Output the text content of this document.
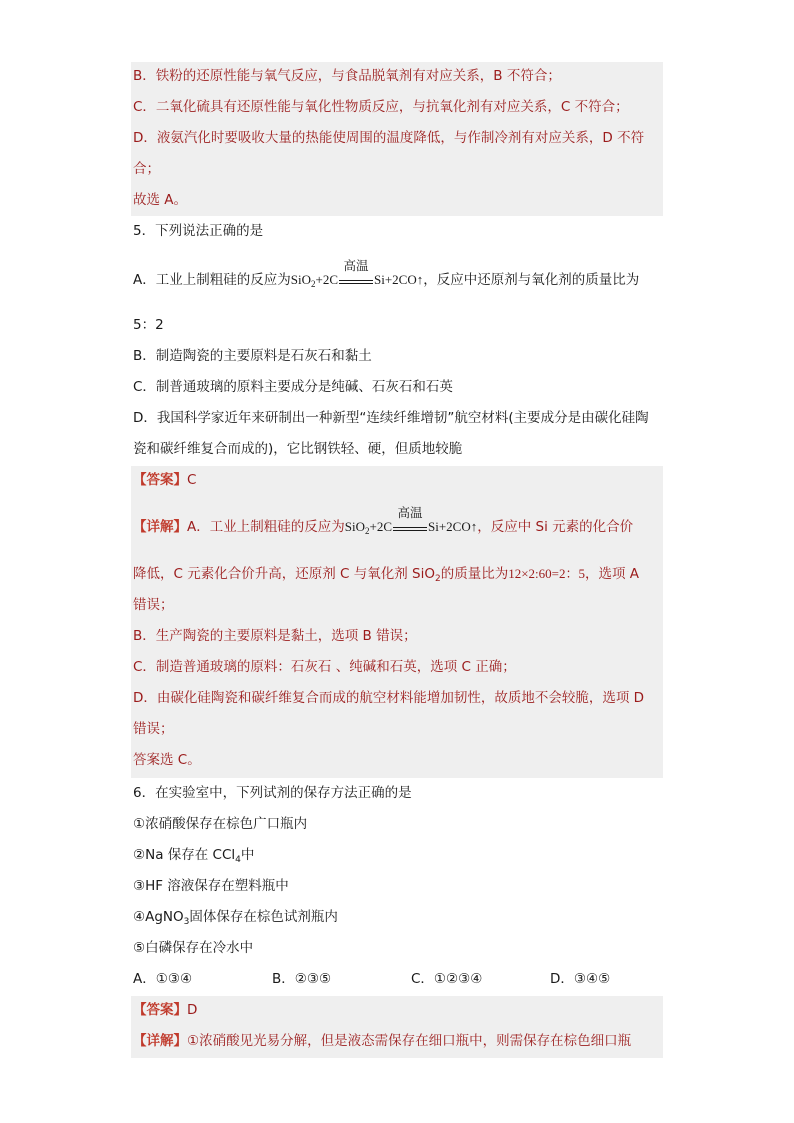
B．铁粉的还原性能与氧气反应，与食品脱氧剂有对应关系，B 不符合；
C．二氧化硫具有还原性能与氧化性物质反应，与抗氧化剂有对应关系，C 不符合；
D．液氨汽化时要吸收大量的热能使周围的温度降低，与作制冷剂有对应关系，D 不符
合；
故选 A。
5．下列说法正确的是
A．工业上制粗硅的反应为SiO$_2$+2C
高温
Si+2CO↑，反应中还原剂与氧化剂的质量比为
5：2
B．制造陶瓷的主要原料是石灰石和黏土
C．制普通玻璃的原料主要成分是纯碱、石灰石和石英
D．我国科学家近年来研制出一种新型“连续纤维增韧”航空材料(主要成分是由碳化硅陶
瓷和碳纤维复合而成的)，它比钢铁轻、硬，但质地较脆
【答案】C
【详解】A．工业上制粗硅的反应为SiO$_2$+2C
高温
Si+2CO↑，反应中 Si 元素的化合价
降低，C 元素化合价升高，还原剂 C 与氧化剂 SiO$_2$的质量比为12×2:60=2：5，选项 A
错误；
B．生产陶瓷的主要原料是黏土，选项 B 错误；
C．制造普通玻璃的原料：石灰石 、纯碱和石英，选项 C 正确；
D．由碳化硅陶瓷和碳纤维复合而成的航空材料能增加韧性，故质地不会较脆，选项 D
错误；
答案选 C。
6．在实验室中，下列试剂的保存方法正确的是
①浓硝酸保存在棕色广口瓶内
②Na 保存在 CCl$_4$中
③HF 溶液保存在塑料瓶中
④AgNO$_3$固体保存在棕色试剂瓶内
⑤白磷保存在冷水中
A．①③④	B．②③⑤	C．①②③④	D．③④⑤
【答案】D
【详解】①浓硝酸见光易分解，但是液态需保存在细口瓶中，则需保存在棕色细口瓶
